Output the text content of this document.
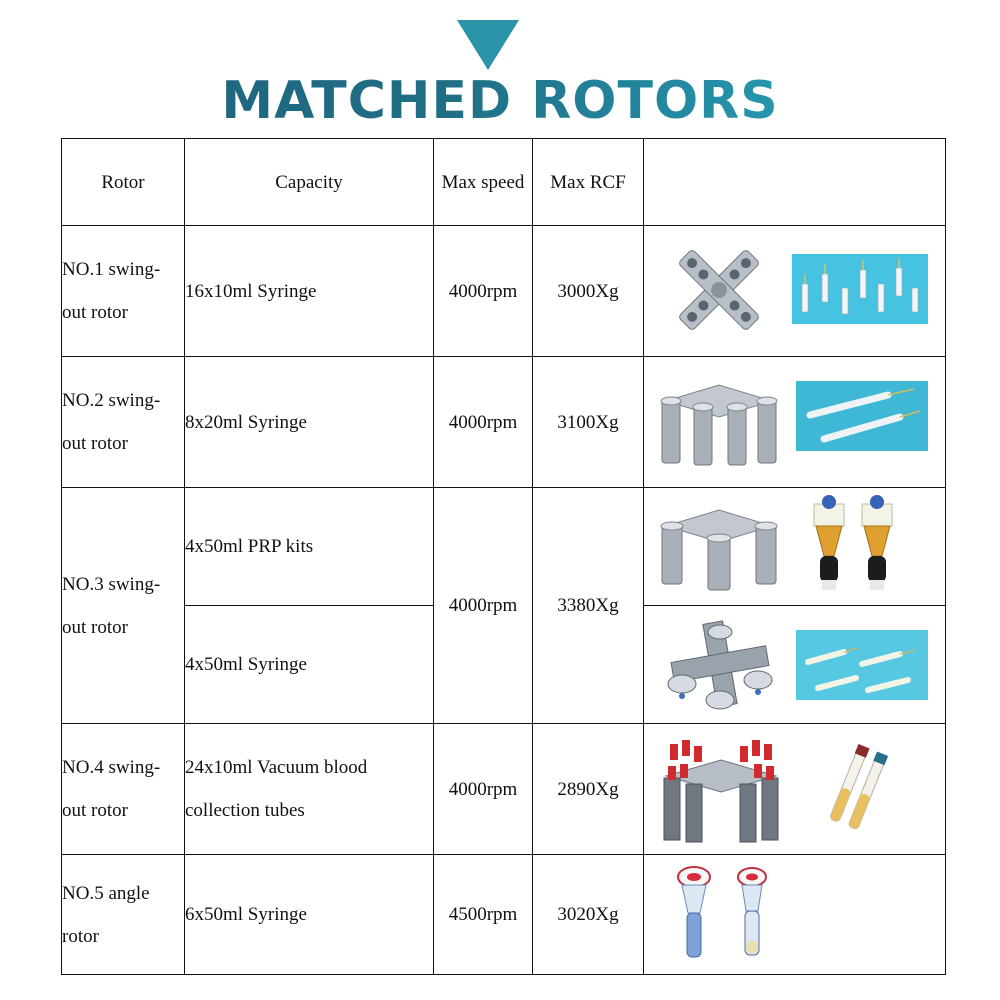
MATCHED ROTORS
Rotor	Capacity	Max speed	Max RCF	
NO.1 swing-out rotor	16x10ml Syringe	4000rpm	3000Xg	

NO.2 swing-out rotor	8x20ml Syringe	4000rpm	3100Xg	

NO.3 swing-out rotor	4x50ml PRP kits	4000rpm	3380Xg	

	4x50ml Syringe	

NO.4 swing-out rotor	24x10ml Vacuum blood collection tubes	4000rpm	2890Xg	

NO.5 angle rotor	6x50ml Syringe	4500rpm	3020Xg	
